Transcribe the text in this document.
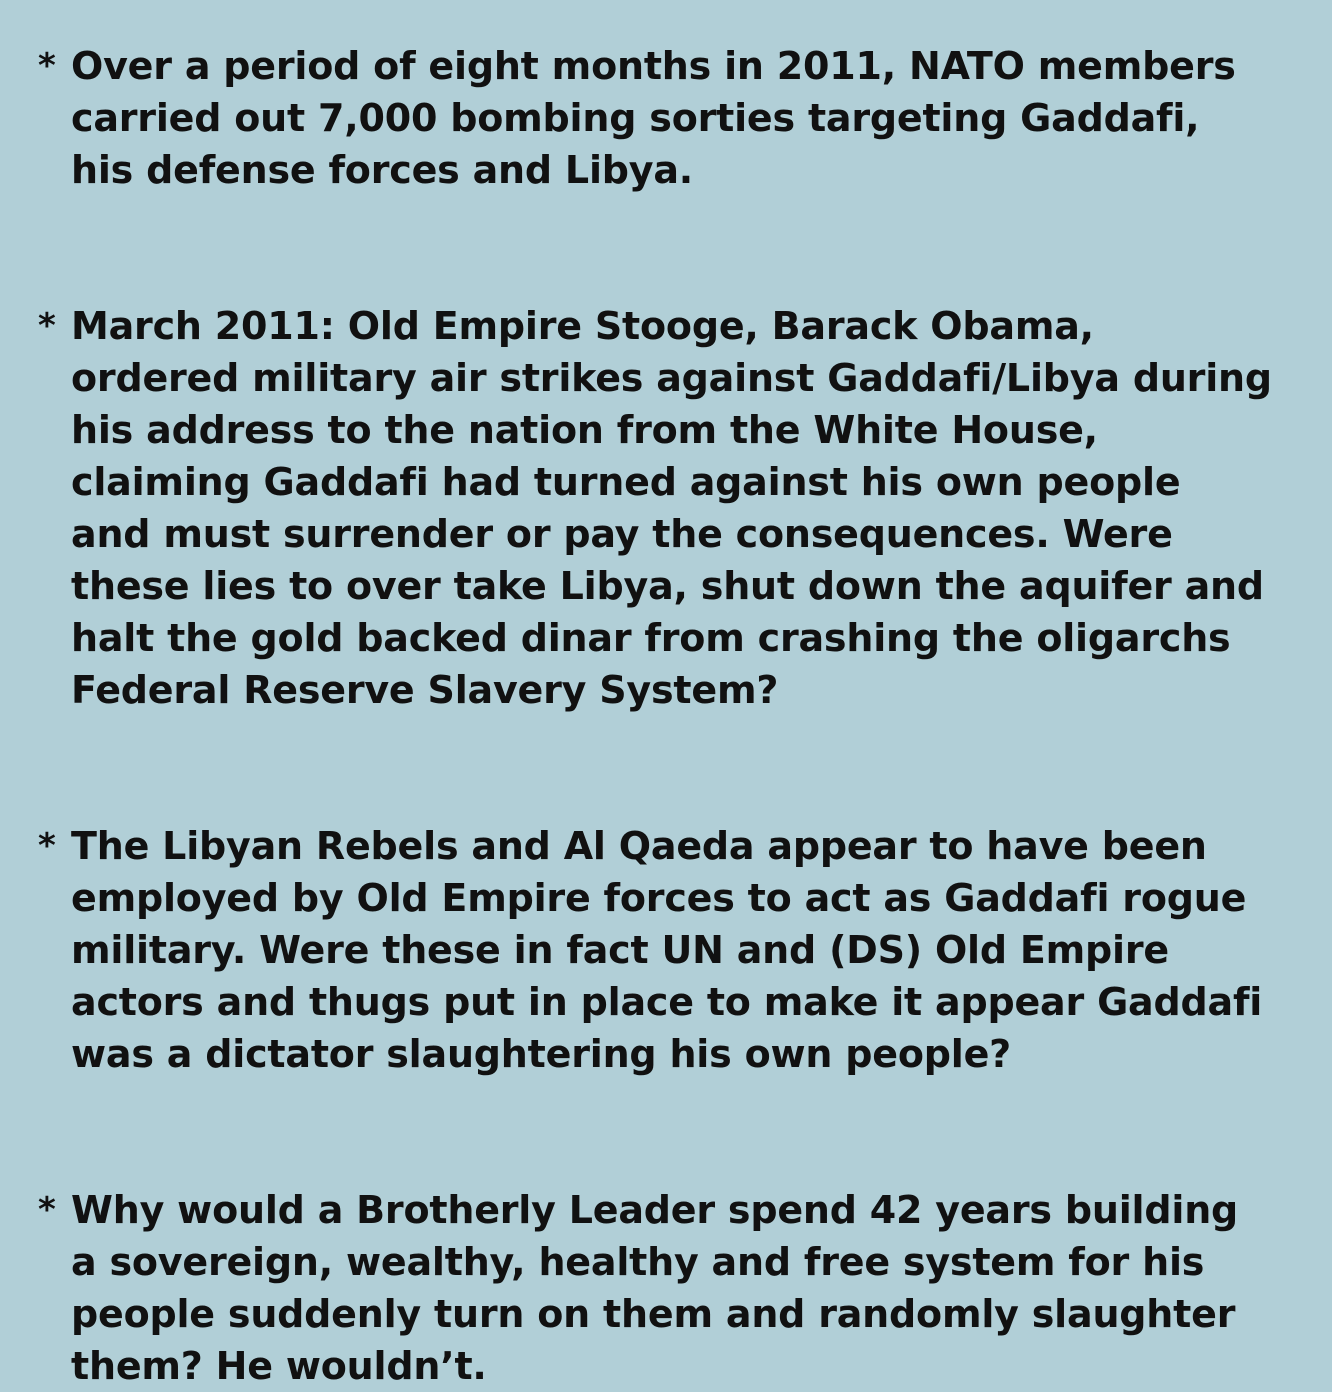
* Over a period of eight months in 2011, NATO members carried out 7,000 bombing sorties targeting Gaddafi, his defense forces and Libya.
* March 2011: Old Empire Stooge, Barack Obama, ordered military air strikes against Gaddafi/Libya during his address to the nation from the White House, claiming Gaddafi had turned against his own people and must surrender or pay the consequences. Were these lies to over take Libya, shut down the aquifer and halt the gold backed dinar from crashing the oligarchs Federal Reserve Slavery System?
* The Libyan Rebels and Al Qaeda appear to have been employed by Old Empire forces to act as Gaddafi rogue military. Were these in fact UN and (DS) Old Empire actors and thugs put in place to make it appear Gaddafi was a dictator slaughtering his own people?
* Why would a Brotherly Leader spend 42 years building a sovereign, wealthy, healthy and free system for his people suddenly turn on them and randomly slaughter them? He wouldn’t.
